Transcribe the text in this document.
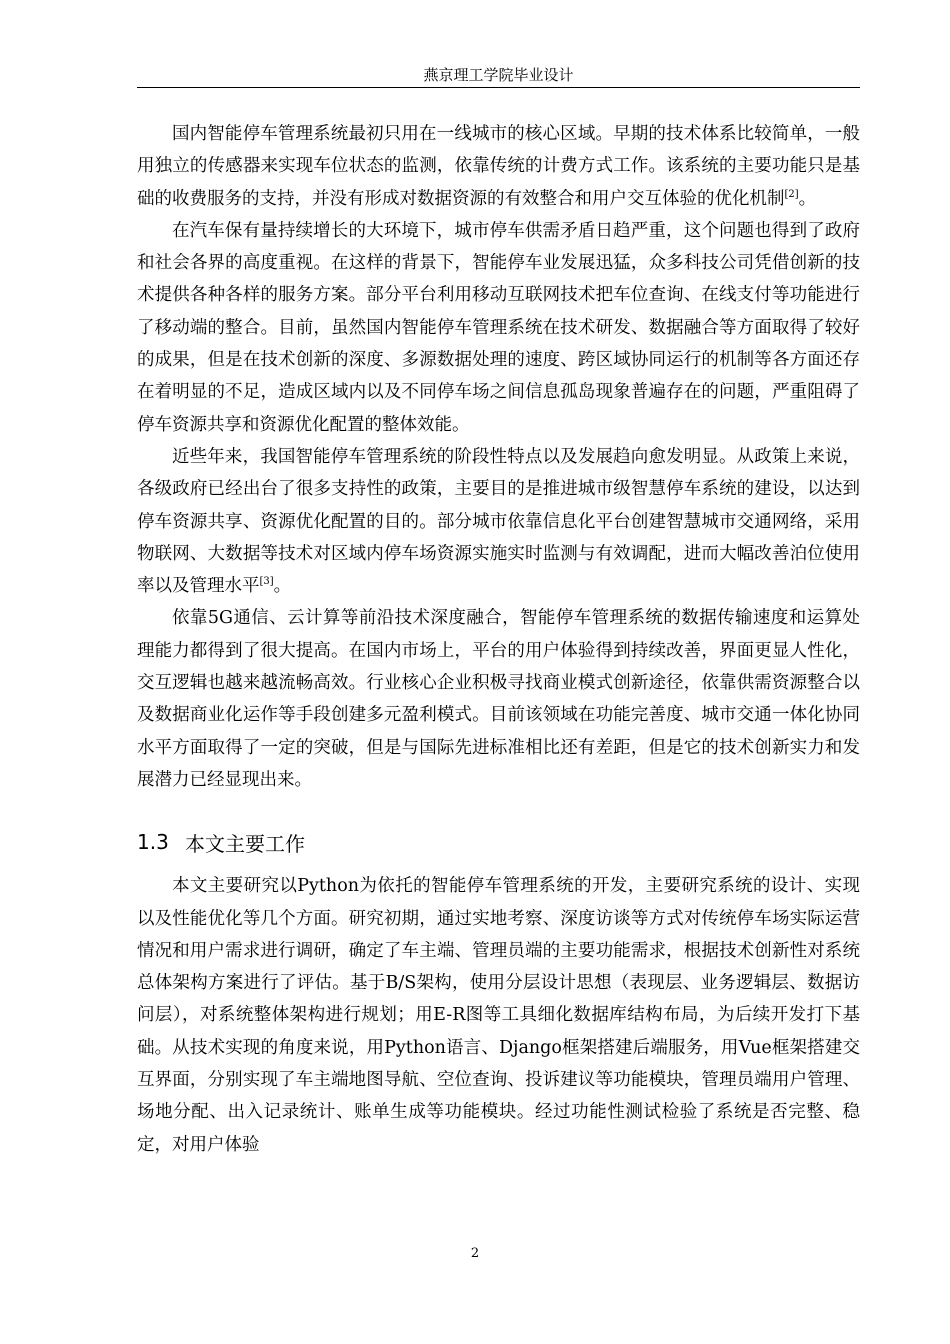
燕京理工学院毕业设计

国内智能停车管理系统最初只用在一线城市的核心区域。早期的技术体系比较简单，一般用独立的传感器来实现车位状态的监测，依靠传统的计费方式工作。该系统的主要功能只是基础的收费服务的支持，并没有形成对数据资源的有效整合和用户交互体验的优化机制[2]。

在汽车保有量持续增长的大环境下，城市停车供需矛盾日趋严重，这个问题也得到了政府和社会各界的高度重视。在这样的背景下，智能停车业发展迅猛，众多科技公司凭借创新的技术提供各种各样的服务方案。部分平台利用移动互联网技术把车位查询、在线支付等功能进行了移动端的整合。目前，虽然国内智能停车管理系统在技术研发、数据融合等方面取得了较好的成果，但是在技术创新的深度、多源数据处理的速度、跨区域协同运行的机制等各方面还存在着明显的不足，造成区域内以及不同停车场之间信息孤岛现象普遍存在的问题，严重阻碍了停车资源共享和资源优化配置的整体效能。

近些年来，我国智能停车管理系统的阶段性特点以及发展趋向愈发明显。从政策上来说，各级政府已经出台了很多支持性的政策，主要目的是推进城市级智慧停车系统的建设，以达到停车资源共享、资源优化配置的目的。部分城市依靠信息化平台创建智慧城市交通网络，采用物联网、大数据等技术对区域内停车场资源实施实时监测与有效调配，进而大幅改善泊位使用率以及管理水平[3]。

依靠5G通信、云计算等前沿技术深度融合，智能停车管理系统的数据传输速度和运算处理能力都得到了很大提高。在国内市场上，平台的用户体验得到持续改善，界面更显人性化，交互逻辑也越来越流畅高效。行业核心企业积极寻找商业模式创新途径，依靠供需资源整合以及数据商业化运作等手段创建多元盈利模式。目前该领域在功能完善度、城市交通一体化协同水平方面取得了一定的突破，但是与国际先进标准相比还有差距，但是它的技术创新实力和发展潜力已经显现出来。

1.3 本文主要工作

本文主要研究以Python为依托的智能停车管理系统的开发，主要研究系统的设计、实现以及性能优化等几个方面。研究初期，通过实地考察、深度访谈等方式对传统停车场实际运营情况和用户需求进行调研，确定了车主端、管理员端的主要功能需求，根据技术创新性对系统总体架构方案进行了评估。基于B/S架构，使用分层设计思想（表现层、业务逻辑层、数据访问层），对系统整体架构进行规划；用E-R图等工具细化数据库结构布局，为后续开发打下基础。从技术实现的角度来说，用Python语言、Django框架搭建后端服务，用Vue框架搭建交互界面，分别实现了车主端地图导航、空位查询、投诉建议等功能模块，管理员端用户管理、场地分配、出入记录统计、账单生成等功能模块。经过功能性测试检验了系统是否完整、稳定，对用户体验

2
